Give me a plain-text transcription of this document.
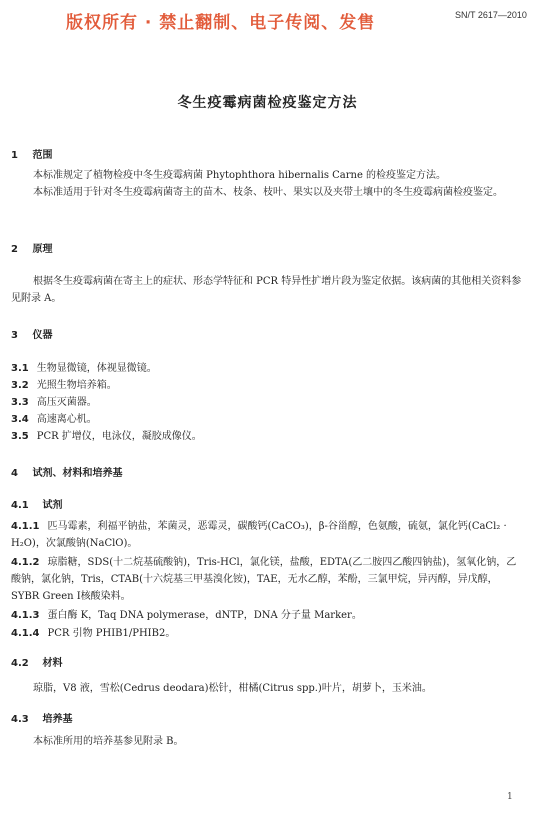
版权所有 · 禁止翻制、电子传阅、发售	SN/T 2617—2010
冬生疫霉病菌检疫鉴定方法
1 范围
本标准规定了植物检疫中冬生疫霉病菌 Phytophthora hibernalis Carne 的检疫鉴定方法。
本标准适用于针对冬生疫霉病菌寄主的苗木、枝条、枝叶、果实以及夹带土壤中的冬生疫霉病菌检疫鉴定。
2 原理
根据冬生疫霉病菌在寄主上的症状、形态学特征和 PCR 特异性扩增片段为鉴定依据。该病菌的其他相关资料参见附录 A。
3 仪器
3.1 生物显微镜，体视显微镜。
3.2 光照生物培养箱。
3.3 高压灭菌器。
3.4 高速离心机。
3.5 PCR 扩增仪，电泳仪，凝胶成像仪。
4 试剂、材料和培养基
4.1 试剂
4.1.1 匹马霉素，利福平钠盐，苯菌灵，恶霉灵，碳酸钙(CaCO₃)，β-谷甾醇，色氨酸，硫氨，氯化钙(CaCl₂ · H₂O)，次氯酸钠(NaClO)。
4.1.2 琼脂糖，SDS(十二烷基硫酸钠)，Tris-HCl，氯化镁，盐酸，EDTA(乙二胺四乙酸四钠盐)，氢氧化钠，乙酸钠，氯化钠，Tris，CTAB(十六烷基三甲基溴化铵)，TAE，无水乙醇，苯酚，三氯甲烷，异丙醇，异戊醇，SYBR Green Ⅰ核酸染料。
4.1.3 蛋白酶 K，Taq DNA polymerase，dNTP，DNA 分子量 Marker。
4.1.4 PCR 引物 PHIB1/PHIB2。
4.2 材料
琼脂，V8 液，雪松(Cedrus deodara)松针，柑橘(Citrus spp.)叶片，胡萝卜，玉米油。
4.3 培养基
本标准所用的培养基参见附录 B。
1
